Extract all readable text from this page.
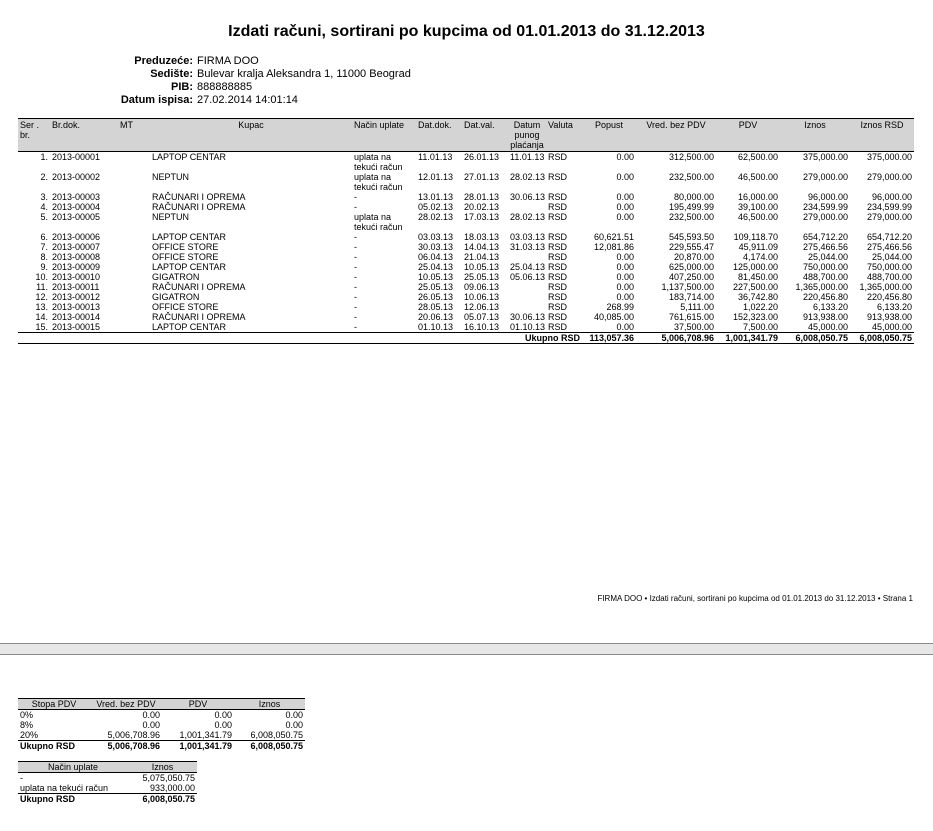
Izdati računi, sortirani po kupcima od 01.01.2013 do 31.12.2013
Preduzeće: FIRMA DOO
Sedište: Bulevar kralja Aleksandra 1, 11000 Beograd
PIB: 888888885
Datum ispisa: 27.02.2014 14:01:14
Ser . br.	Br.dok.	MT	Kupac	Način uplate	Dat.dok.	Dat.val.	Datum punog plaćanja	Valuta	Popust	Vred. bez PDV	PDV	Iznos	Iznos RSD
1.	2013-00001		LAPTOP CENTAR	uplata na tekući račun	11.01.13	26.01.13	11.01.13	RSD	0.00	312,500.00	62,500.00	375,000.00	375,000.00
2.	2013-00002		NEPTUN	uplata na tekući račun	12.01.13	27.01.13	28.02.13	RSD	0.00	232,500.00	46,500.00	279,000.00	279,000.00
3.	2013-00003		RAČUNARI I OPREMA	-	13.01.13	28.01.13	30.06.13	RSD	0.00	80,000.00	16,000.00	96,000.00	96,000.00
4.	2013-00004		RAČUNARI I OPREMA	-	05.02.13	20.02.13		RSD	0.00	195,499.99	39,100.00	234,599.99	234,599.99
5.	2013-00005		NEPTUN	uplata na tekući račun	28.02.13	17.03.13	28.02.13	RSD	0.00	232,500.00	46,500.00	279,000.00	279,000.00
6.	2013-00006		LAPTOP CENTAR	-	03.03.13	18.03.13	03.03.13	RSD	60,621.51	545,593.50	109,118.70	654,712.20	654,712.20
7.	2013-00007		OFFICE STORE	-	30.03.13	14.04.13	31.03.13	RSD	12,081.86	229,555.47	45,911.09	275,466.56	275,466.56
8.	2013-00008		OFFICE STORE	-	06.04.13	21.04.13		RSD	0.00	20,870.00	4,174.00	25,044.00	25,044.00
9.	2013-00009		LAPTOP CENTAR	-	25.04.13	10.05.13	25.04.13	RSD	0.00	625,000.00	125,000.00	750,000.00	750,000.00
10.	2013-00010		GIGATRON	-	10.05.13	25.05.13	05.06.13	RSD	0.00	407,250.00	81,450.00	488,700.00	488,700.00
11.	2013-00011		RAČUNARI I OPREMA	-	25.05.13	09.06.13		RSD	0.00	1,137,500.00	227,500.00	1,365,000.00	1,365,000.00
12.	2013-00012		GIGATRON	-	26.05.13	10.06.13		RSD	0.00	183,714.00	36,742.80	220,456.80	220,456.80
13.	2013-00013		OFFICE STORE	-	28.05.13	12.06.13		RSD	268.99	5,111.00	1,022.20	6,133.20	6,133.20
14.	2013-00014		RAČUNARI I OPREMA	-	20.06.13	05.07.13	30.06.13	RSD	40,085.00	761,615.00	152,323.00	913,938.00	913,938.00
15.	2013-00015		LAPTOP CENTAR	-	01.10.13	16.10.13	01.10.13	RSD	0.00	37,500.00	7,500.00	45,000.00	45,000.00
Ukupno RSD									113,057.36	5,006,708.96	1,001,341.79	6,008,050.75	6,008,050.75
FIRMA DOO • Izdati računi, sortirani po kupcima od 01.01.2013 do 31.12.2013 • Strana 1
Stopa PDV	Vred. bez PDV	PDV	Iznos
0%	0.00	0.00	0.00
8%	0.00	0.00	0.00
20%	5,006,708.96	1,001,341.79	6,008,050.75
Ukupno RSD	5,006,708.96	1,001,341.79	6,008,050.75
Način uplate	Iznos
-	5,075,050.75
uplata na tekući račun	933,000.00
Ukupno RSD	6,008,050.75
